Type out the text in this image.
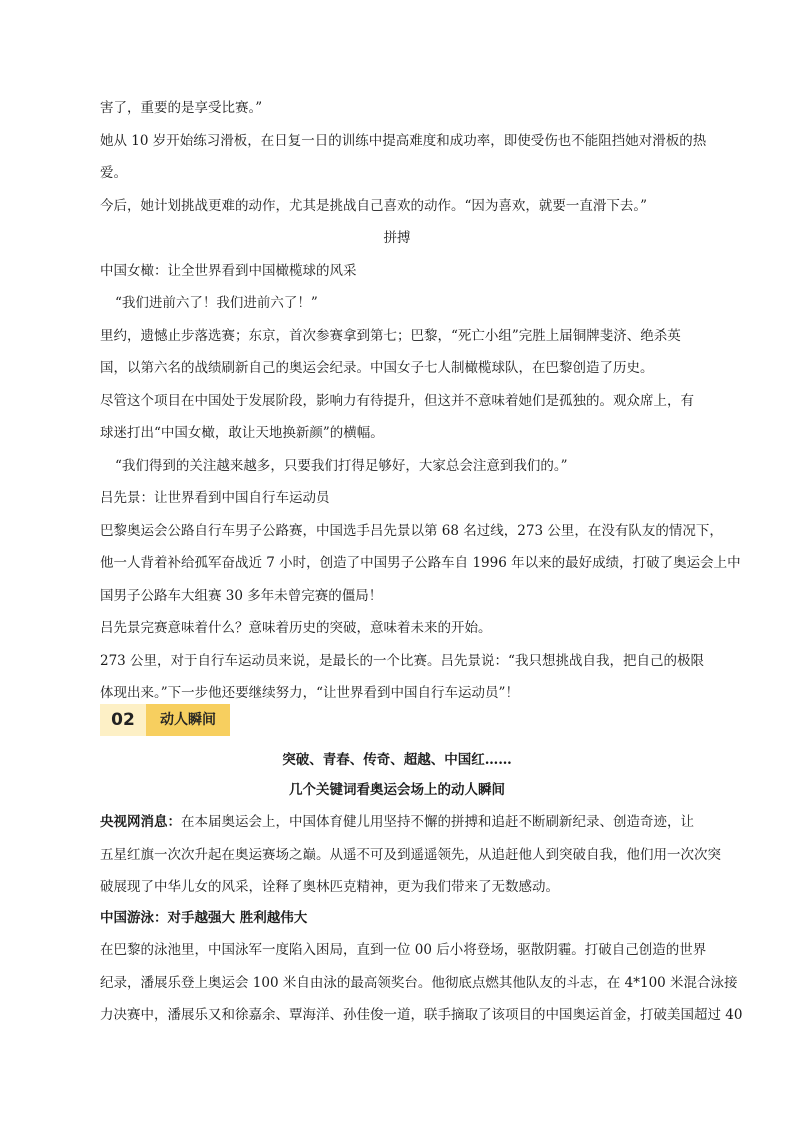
害了，重要的是享受比赛。”
她从 10 岁开始练习滑板，在日复一日的训练中提高难度和成功率，即使受伤也不能阻挡她对滑板的热
爱。
今后，她计划挑战更难的动作，尤其是挑战自己喜欢的动作。“因为喜欢，就要一直滑下去。”
拼搏
中国女橄：让全世界看到中国橄榄球的风采
“我们进前六了！我们进前六了！”
里约，遗憾止步落选赛；东京，首次参赛拿到第七；巴黎，“死亡小组”完胜上届铜牌斐济、绝杀英
国，以第六名的战绩刷新自己的奥运会纪录。中国女子七人制橄榄球队，在巴黎创造了历史。
尽管这个项目在中国处于发展阶段，影响力有待提升，但这并不意味着她们是孤独的。观众席上，有
球迷打出“中国女橄，敢让天地换新颜”的横幅。
“我们得到的关注越来越多，只要我们打得足够好，大家总会注意到我们的。”
吕先景：让世界看到中国自行车运动员
巴黎奥运会公路自行车男子公路赛，中国选手吕先景以第 68 名过线，273 公里，在没有队友的情况下，
他一人背着补给孤军奋战近 7 小时，创造了中国男子公路车自 1996 年以来的最好成绩，打破了奥运会上中
国男子公路车大组赛 30 多年未曾完赛的僵局！
吕先景完赛意味着什么？意味着历史的突破，意味着未来的开始。
273 公里，对于自行车运动员来说，是最长的一个比赛。吕先景说：“我只想挑战自我，把自己的极限
体现出来。”下一步他还要继续努力，“让世界看到中国自行车运动员”！
02	动人瞬间
突破、青春、传奇、超越、中国红……
几个关键词看奥运会场上的动人瞬间
央视网消息：在本届奥运会上，中国体育健儿用坚持不懈的拼搏和追赶不断刷新纪录、创造奇迹，让
五星红旗一次次升起在奥运赛场之巅。从遥不可及到遥遥领先，从追赶他人到突破自我，他们用一次次突
破展现了中华儿女的风采，诠释了奥林匹克精神，更为我们带来了无数感动。
中国游泳：对手越强大 胜利越伟大
在巴黎的泳池里，中国泳军一度陷入困局，直到一位 00 后小将登场，驱散阴霾。打破自己创造的世界
纪录，潘展乐登上奥运会 100 米自由泳的最高领奖台。他彻底点燃其他队友的斗志，在 4*100 米混合泳接
力决赛中，潘展乐又和徐嘉余、覃海洋、孙佳俊一道，联手摘取了该项目的中国奥运首金，打破美国超过 40
